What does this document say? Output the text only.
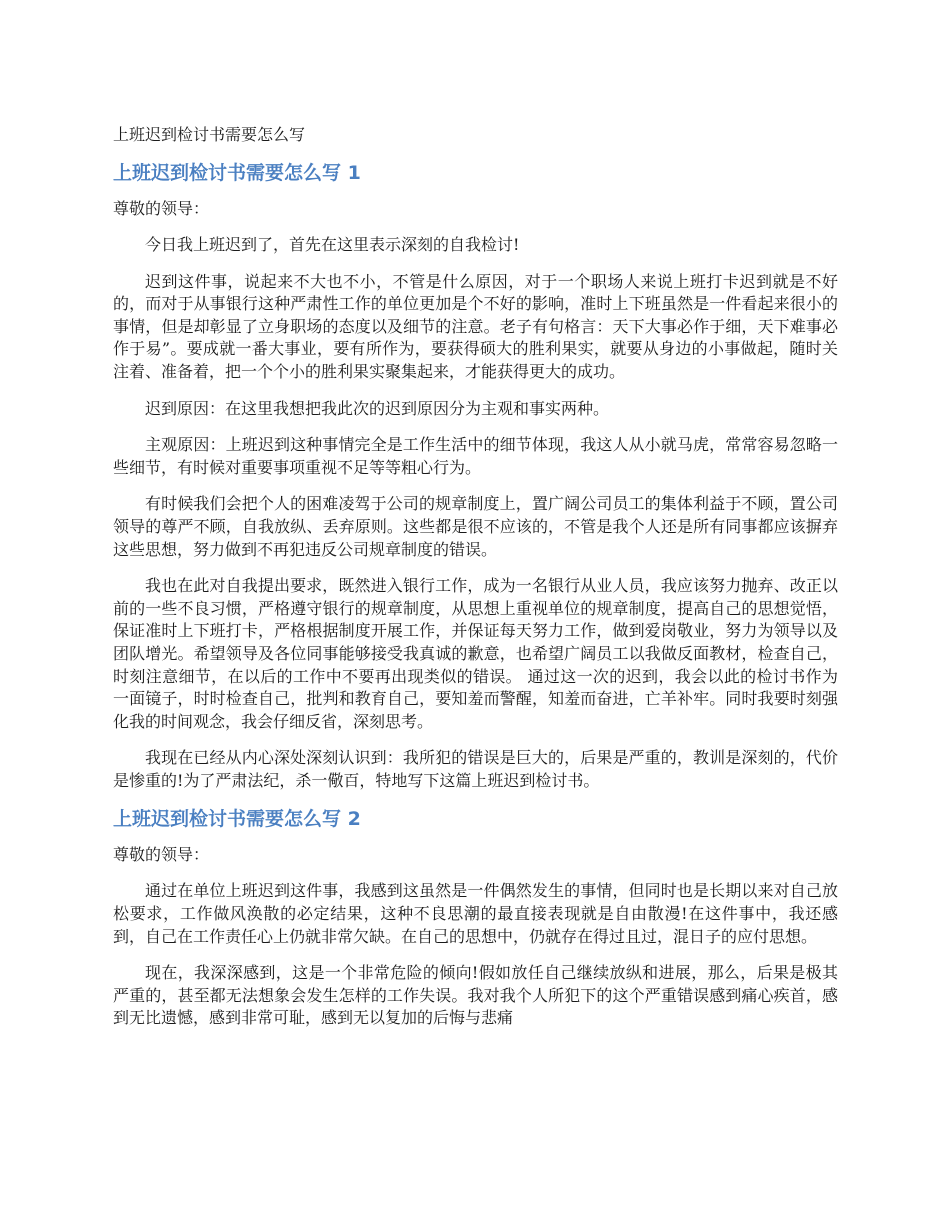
上班迟到检讨书需要怎么写
上班迟到检讨书需要怎么写 1
尊敬的领导：

今日我上班迟到了，首先在这里表示深刻的自我检讨!

迟到这件事，说起来不大也不小，不管是什么原因，对于一个职场人来说上班打卡迟到就是不好的，而对于从事银行这种严肃性工作的单位更加是个不好的影响，准时上下班虽然是一件看起来很小的事情，但是却彰显了立身职场的态度以及细节的注意。老子有句格言：天下大事必作于细，天下难事必作于易”。要成就一番大事业，要有所作为，要获得硕大的胜利果实，就要从身边的小事做起，随时关注着、准备着，把一个个小的胜利果实聚集起来，才能获得更大的成功。

迟到原因：在这里我想把我此次的迟到原因分为主观和事实两种。

主观原因：上班迟到这种事情完全是工作生活中的细节体现，我这人从小就马虎，常常容易忽略一些细节，有时候对重要事项重视不足等等粗心行为。

有时候我们会把个人的困难凌驾于公司的规章制度上，置广阔公司员工的集体利益于不顾，置公司领导的尊严不顾，自我放纵、丢弃原则。这些都是很不应该的，不管是我个人还是所有同事都应该摒弃这些思想，努力做到不再犯违反公司规章制度的错误。

我也在此对自我提出要求，既然进入银行工作，成为一名银行从业人员，我应该努力抛弃、改正以前的一些不良习惯，严格遵守银行的规章制度，从思想上重视单位的规章制度，提高自己的思想觉悟，保证准时上下班打卡，严格根据制度开展工作，并保证每天努力工作，做到爱岗敬业，努力为领导以及团队增光。希望领导及各位同事能够接受我真诚的歉意，也希望广阔员工以我做反面教材，检查自己，时刻注意细节，在以后的工作中不要再出现类似的错误。 通过这一次的迟到，我会以此的检讨书作为一面镜子，时时检查自己，批判和教育自己，要知羞而警醒，知羞而奋进，亡羊补牢。同时我要时刻强化我的时间观念，我会仔细反省，深刻思考。

我现在已经从内心深处深刻认识到：我所犯的错误是巨大的，后果是严重的，教训是深刻的，代价是惨重的!为了严肃法纪，杀一儆百，特地写下这篇上班迟到检讨书。

上班迟到检讨书需要怎么写 2
尊敬的领导：

通过在单位上班迟到这件事，我感到这虽然是一件偶然发生的事情，但同时也是长期以来对自己放松要求，工作做风涣散的必定结果，这种不良思潮的最直接表现就是自由散漫!在这件事中，我还感到，自己在工作责任心上仍就非常欠缺。在自己的思想中，仍就存在得过且过，混日子的应付思想。

现在，我深深感到，这是一个非常危险的倾向!假如放任自己继续放纵和进展，那么，后果是极其严重的，甚至都无法想象会发生怎样的工作失误。我对我个人所犯下的这个严重错误感到痛心疾首，感到无比遗憾，感到非常可耻，感到无以复加的后悔与悲痛
